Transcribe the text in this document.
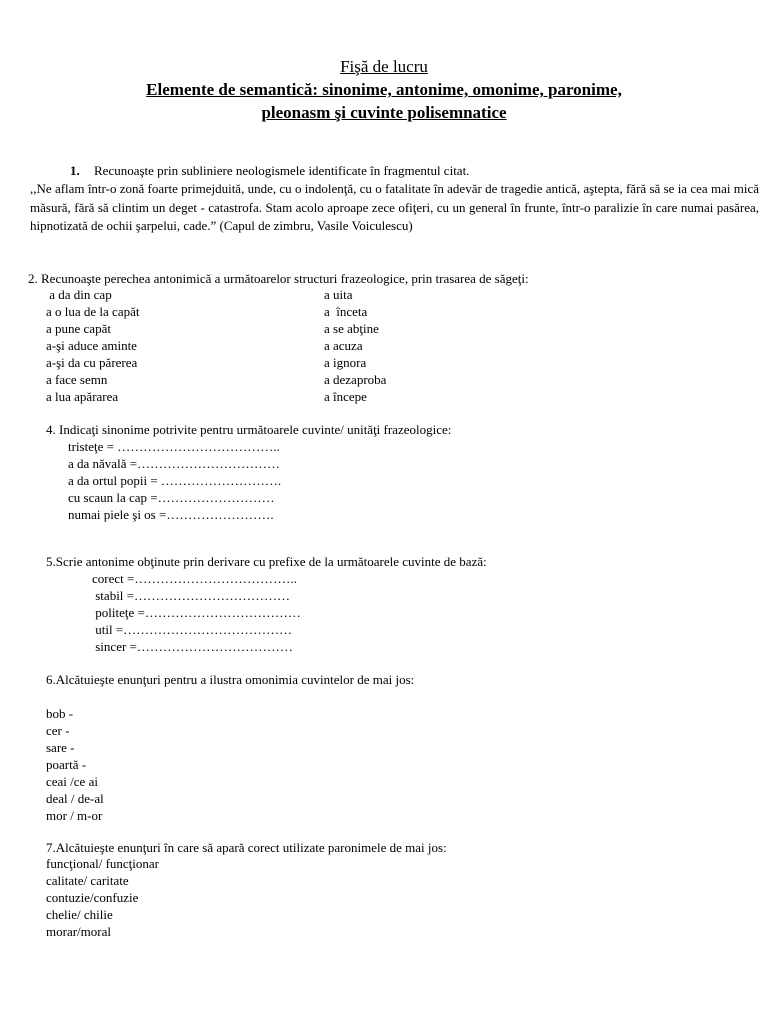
Fişă de lucru

Elemente de semantică: sinonime, antonime, omonime, paronime,

pleonasm şi cuvinte polisemnatice

1. Recunoaşte prin subliniere neologismele identificate în fragmentul citat.
,,Ne aflam într-o zonă foarte primejduită, unde, cu o indolenţă, cu o fatalitate în adevăr de tragedie antică, aştepta, fără să se ia cea mai mică măsură, fără să clintim un deget - catastrofa. Stam acolo aproape zece ofiţeri, cu un general în frunte, într-o paralizie în care numai pasărea, hipnotizată de ochii şarpelui, cade.” (Capul de zimbru, Vasile Voiculescu)
2. Recunoaşte perechea antonimică a următoarelor structuri frazeologice, prin trasarea de săgeţi:
a da din cap
a o lua de la capăt
a pune capăt
a-şi aduce aminte
a-şi da cu părerea
a face semn
a lua apărarea
a uita
a  înceta
a se abţine
a acuza
a ignora
a dezaproba
a începe
4. Indicaţi sinonime potrivite pentru următoarele cuvinte/ unităţi frazeologice:
tristeţe = ………………………………..
a da năvală =……………………………
a da ortul popii = ……………………….
cu scaun la cap =………………………
numai piele şi os =…………………….
5.Scrie antonime obţinute prin derivare cu prefixe de la următoarele cuvinte de bază:
corect =………………………………..
stabil =………………………………
politeţe =………………………………
util =…………………………………
sincer =………………………………
6.Alcătuieşte enunţuri pentru a ilustra omonimia cuvintelor de mai jos:
bob -
cer -
sare -
poartă -
ceai /ce ai
deal / de-al
mor / m-or
7.Alcătuieşte enunţuri în care să apară corect utilizate paronimele de mai jos:
funcţional/ funcţionar
calitate/ caritate
contuzie/confuzie
chelie/ chilie
morar/moral
